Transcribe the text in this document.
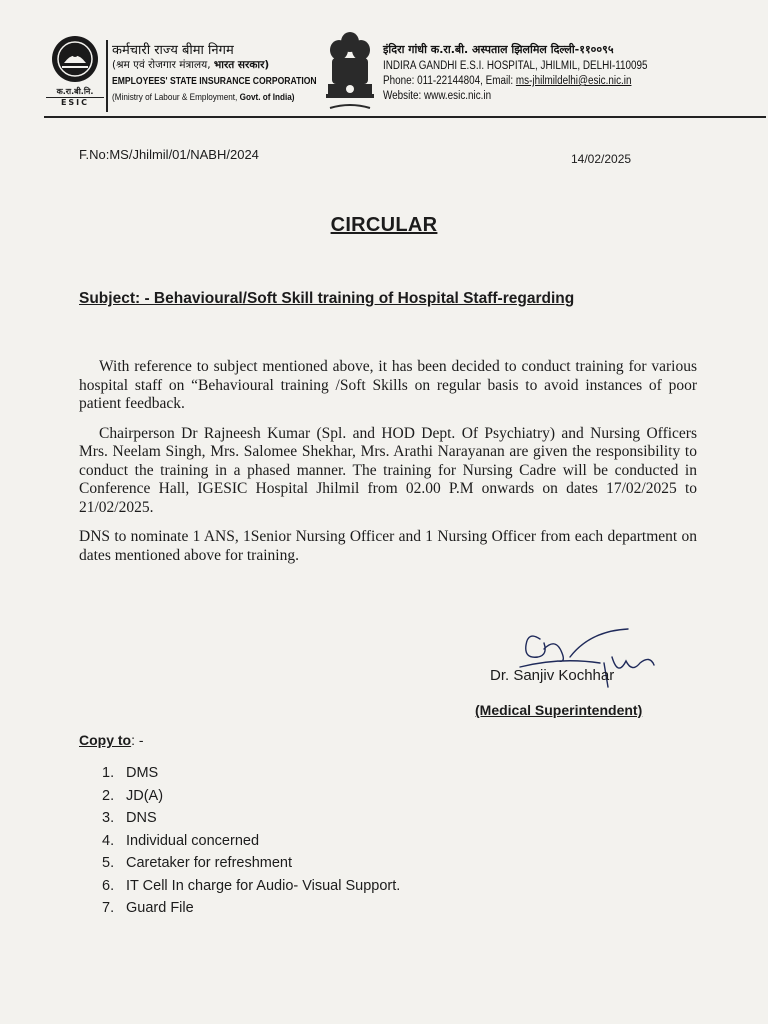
क.रा.बी.नि.
ESIC
कर्मचारी राज्य बीमा निगम
(श्रम एवं रोजगार मंत्रालय, भारत सरकार)
EMPLOYEES' STATE INSURANCE CORPORATION
(Ministry of Labour & Employment, Govt. of India)
इंदिरा गांधी क.रा.बी. अस्पताल झिलमिल दिल्ली-११००९५
INDIRA GANDHI E.S.I. HOSPITAL, JHILMIL, DELHI-110095
Phone: 011-22144804, Email: ms-jhilmildelhi@esic.nic.in
Website: www.esic.nic.in
F.No:MS/Jhilmil/01/NABH/2024	14/02/2025
CIRCULAR
Subject: - Behavioural/Soft Skill training of Hospital Staff-regarding

With reference to subject mentioned above, it has been decided to conduct training for various hospital staff on “Behavioural training /Soft Skills on regular basis to avoid instances of poor patient feedback.

Chairperson Dr Rajneesh Kumar (Spl. and HOD Dept. Of Psychiatry) and Nursing Officers Mrs. Neelam Singh, Mrs. Salomee Shekhar, Mrs. Arathi Narayanan are given the responsibility to conduct the training in a phased manner. The training for Nursing Cadre will be conducted in Conference Hall, IGESIC Hospital Jhilmil from 02.00 P.M onwards on dates 17/02/2025 to 21/02/2025.

DNS to nominate 1 ANS, 1Senior Nursing Officer and 1 Nursing Officer from each department on dates mentioned above for training.

Dr. Sanjiv Kochhar
(Medical Superintendent)
Copy to: -
1. DMS
2. JD(A)
3. DNS
4. Individual concerned
5. Caretaker for refreshment
6. IT Cell In charge for Audio- Visual Support.
7. Guard File
